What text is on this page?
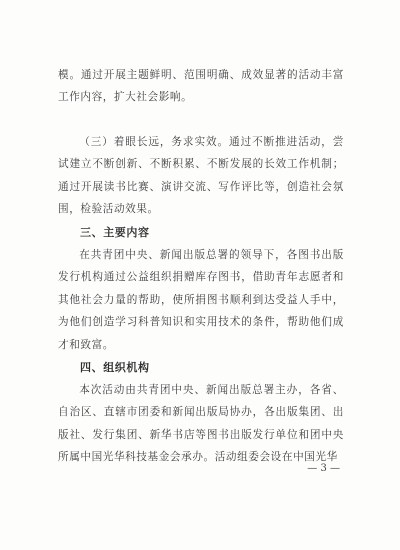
模。通过开展主题鲜明、范围明确、成效显著的活动丰富工作内容，扩大社会影响。

（三）着眼长远，务求实效。通过不断推进活动，尝试建立不断创新、不断积累、不断发展的长效工作机制；通过开展读书比赛、演讲交流、写作评比等，创造社会氛围，检验活动效果。

三、主要内容

在共青团中央、新闻出版总署的领导下，各图书出版发行机构通过公益组织捐赠库存图书，借助青年志愿者和其他社会力量的帮助，使所捐图书顺利到达受益人手中，为他们创造学习科普知识和实用技术的条件，帮助他们成才和致富。

四、组织机构

本次活动由共青团中央、新闻出版总署主办，各省、自治区、直辖市团委和新闻出版局协办，各出版集团、出版社、发行集团、新华书店等图书出版发行单位和团中央所属中国光华科技基金会承办。活动组委会设在中国光华

— 3 —
